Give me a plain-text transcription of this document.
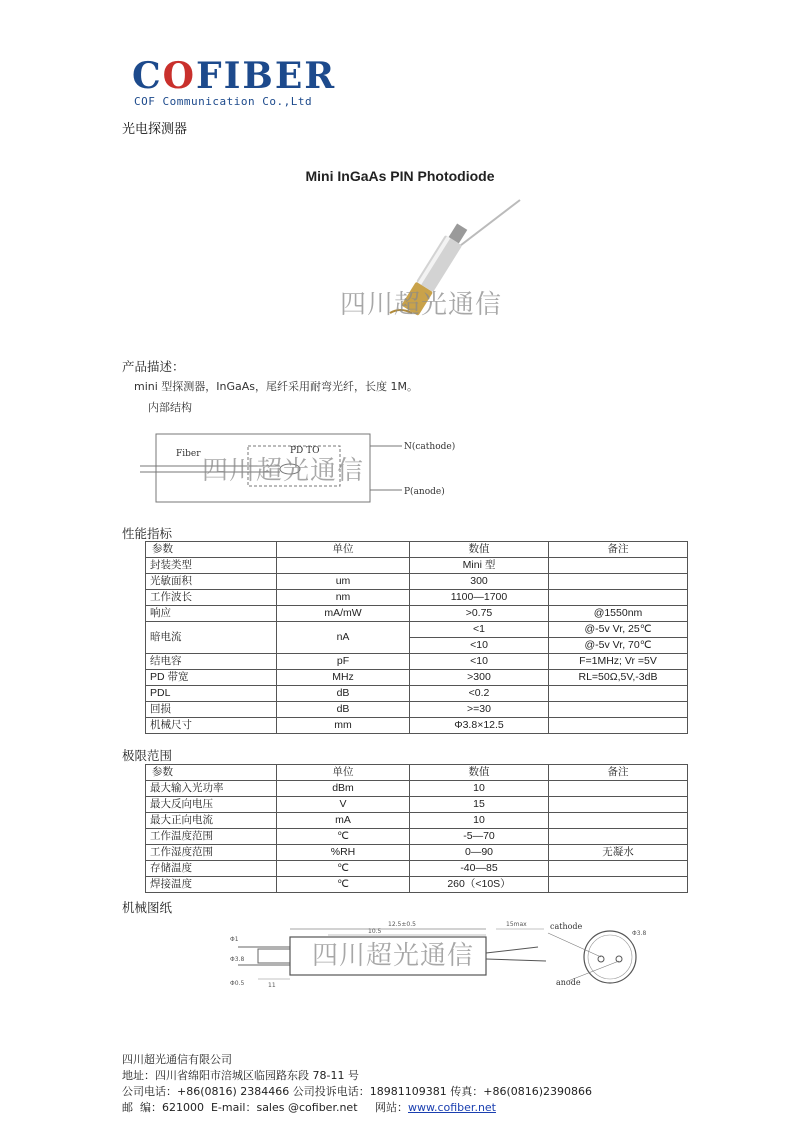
COFIBER
COF Communication Co.,Ltd
光电探测器
Mini InGaAs PIN Photodiode
四川超光通信
产品描述：
mini 型探测器，InGaAs，尾纤采用耐弯光纤，长度 1M。
内部结构
Fiber	PD TO	N(cathode)
P(anode)
四川超光通信
性能指标
参数	单位	数值	备注
封装类型		Mini 型	
光敏面积	um	300	
工作波长	nm	1100—1700	
响应	mA/mW	>0.75	@1550nm
暗电流	nA	<1	@-5v Vr, 25℃
		<10	@-5v Vr, 70℃
结电容	pF	<10	F=1MHz; Vr =5V
PD 带宽	MHz	>300	RL=50Ω,5V,-3dB
PDL	dB	<0.2	
回损	dB	>=30	
机械尺寸	mm	Φ3.8×12.5	
极限范围
参数	单位	数值	备注
最大输入光功率	dBm	10	
最大反向电压	V	15	
最大正向电流	mA	10	
工作温度范围	℃	-5—70	
工作湿度范围	%RH	0—90	无凝水
存储温度	℃	-40—85	
焊接温度	℃	260（<10S）	
机械图纸
12.5±0.5
10.5
15max
11
Φ1
Φ3.8
Φ0.5
Φ3.8
cathode
anode
四川超光通信
四川超光通信有限公司
地址：四川省绵阳市涪城区临园路东段 78-11 号
公司电话：+86(0816) 2384466 公司投诉电话：18981109381 传真：+86(0816)2390866
邮  编：621000  E-mail：sales @cofiber.net     网站：www.cofiber.net
